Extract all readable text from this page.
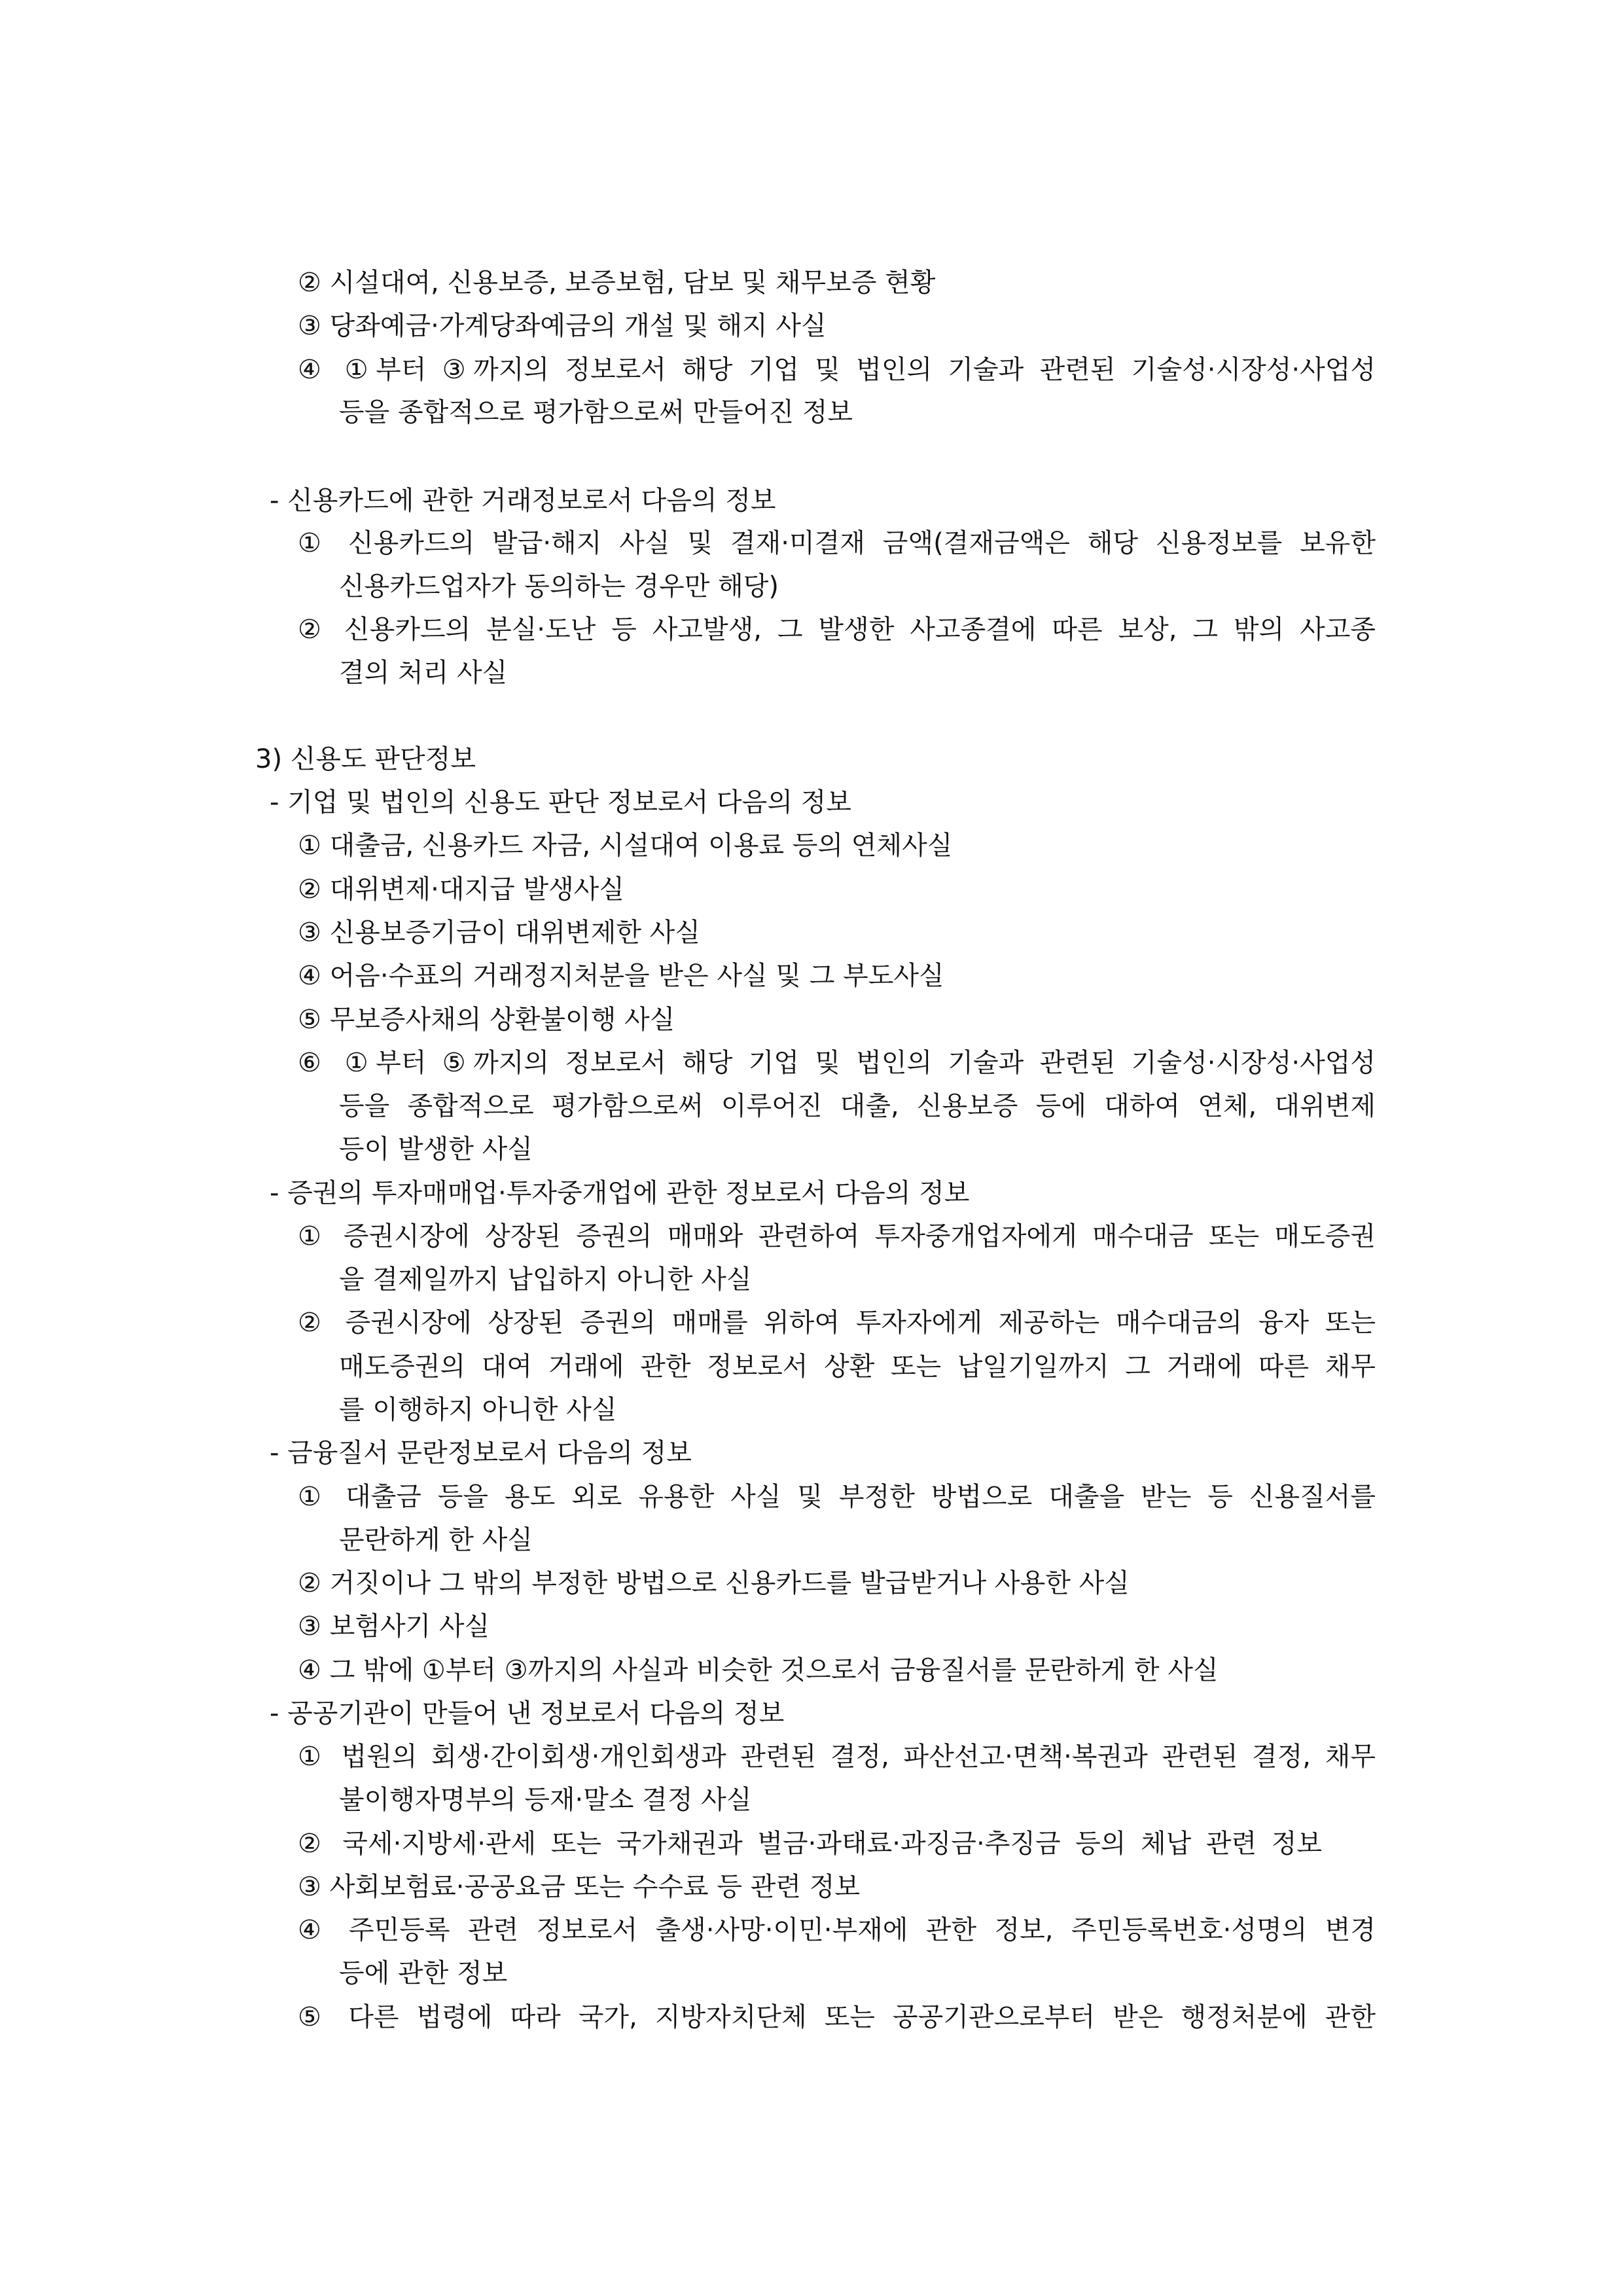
② 시설대여, 신용보증, 보증보험, 담보 및 채무보증 현황
③ 당좌예금·가계당좌예금의 개설 및 해지 사실
④ ①부터 ③까지의 정보로서 해당 기업 및 법인의 기술과 관련된 기술성·시장성·사업성
등을 종합적으로 평가함으로써 만들어진 정보
- 신용카드에 관한 거래정보로서 다음의 정보
① 신용카드의 발급·해지 사실 및 결재·미결재 금액(결재금액은 해당 신용정보를 보유한
신용카드업자가 동의하는 경우만 해당)
② 신용카드의 분실·도난 등 사고발생, 그 발생한 사고종결에 따른 보상, 그 밖의 사고종
결의 처리 사실
3) 신용도 판단정보
- 기업 및 법인의 신용도 판단 정보로서 다음의 정보
① 대출금, 신용카드 자금, 시설대여 이용료 등의 연체사실
② 대위변제·대지급 발생사실
③ 신용보증기금이 대위변제한 사실
④ 어음·수표의 거래정지처분을 받은 사실 및 그 부도사실
⑤ 무보증사채의 상환불이행 사실
⑥ ①부터 ⑤까지의 정보로서 해당 기업 및 법인의 기술과 관련된 기술성·시장성·사업성
등을 종합적으로 평가함으로써 이루어진 대출, 신용보증 등에 대하여 연체, 대위변제
등이 발생한 사실
- 증권의 투자매매업·투자중개업에 관한 정보로서 다음의 정보
① 증권시장에 상장된 증권의 매매와 관련하여 투자중개업자에게 매수대금 또는 매도증권
을 결제일까지 납입하지 아니한 사실
② 증권시장에 상장된 증권의 매매를 위하여 투자자에게 제공하는 매수대금의 융자 또는
매도증권의 대여 거래에 관한 정보로서 상환 또는 납일기일까지 그 거래에 따른 채무
를 이행하지 아니한 사실
- 금융질서 문란정보로서 다음의 정보
① 대출금 등을 용도 외로 유용한 사실 및 부정한 방법으로 대출을 받는 등 신용질서를
문란하게 한 사실
② 거짓이나 그 밖의 부정한 방법으로 신용카드를 발급받거나 사용한 사실
③ 보험사기 사실
④ 그 밖에 ①부터 ③까지의 사실과 비슷한 것으로서 금융질서를 문란하게 한 사실
- 공공기관이 만들어 낸 정보로서 다음의 정보
① 법원의 회생·간이회생·개인회생과 관련된 결정, 파산선고·면책·복권과 관련된 결정, 채무
불이행자명부의 등재·말소 결정 사실
② 국세·지방세·관세 또는 국가채권과 벌금·과태료·과징금·추징금 등의 체납 관련 정보
③ 사회보험료·공공요금 또는 수수료 등 관련 정보
④ 주민등록 관련 정보로서 출생·사망·이민·부재에 관한 정보, 주민등록번호·성명의 변경
등에 관한 정보
⑤ 다른 법령에 따라 국가, 지방자치단체 또는 공공기관으로부터 받은 행정처분에 관한
